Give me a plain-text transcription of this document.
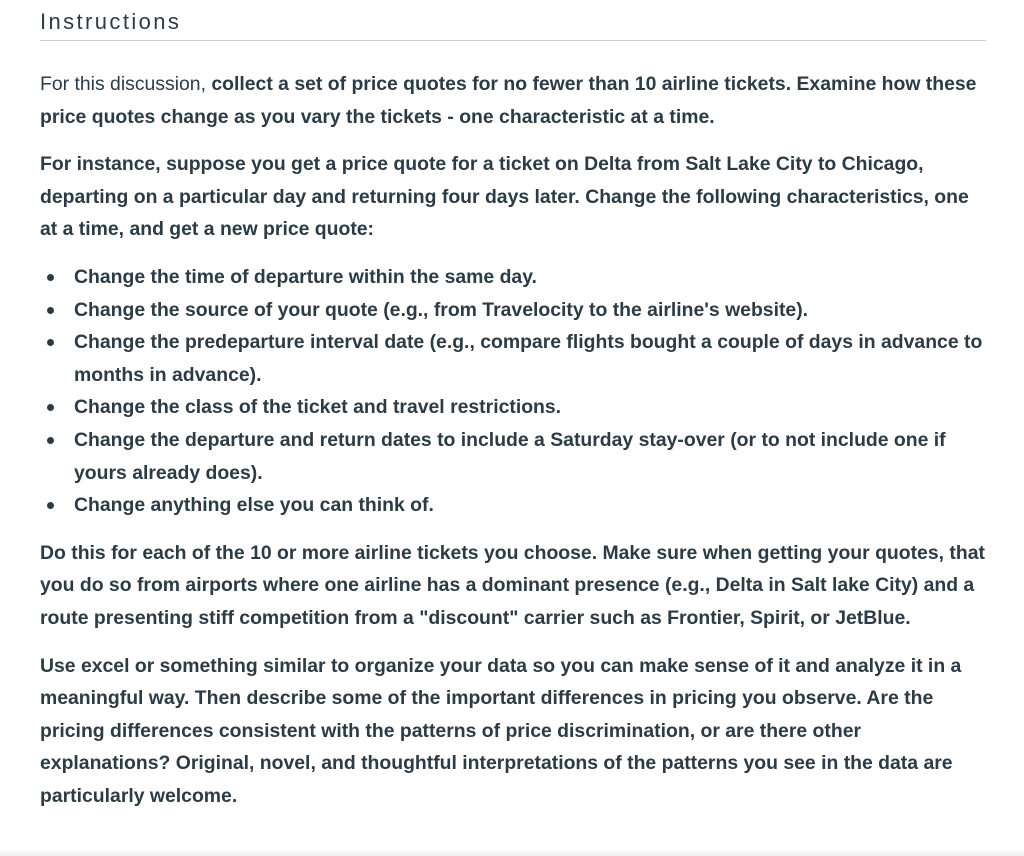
Instructions

For this discussion, collect a set of price quotes for no fewer than 10 airline tickets. Examine how these price quotes change as you vary the tickets - one characteristic at a time.

For instance, suppose you get a price quote for a ticket on Delta from Salt Lake City to Chicago, departing on a particular day and returning four days later. Change the following characteristics, one at a time, and get a new price quote:

Change the time of departure within the same day.
Change the source of your quote (e.g., from Travelocity to the airline's website).
Change the predeparture interval date (e.g., compare flights bought a couple of days in advance to months in advance).
Change the class of the ticket and travel restrictions.
Change the departure and return dates to include a Saturday stay-over (or to not include one if yours already does).
Change anything else you can think of.

Do this for each of the 10 or more airline tickets you choose. Make sure when getting your quotes, that you do so from airports where one airline has a dominant presence (e.g., Delta in Salt lake City) and a route presenting stiff competition from a "discount" carrier such as Frontier, Spirit, or JetBlue.

Use excel or something similar to organize your data so you can make sense of it and analyze it in a meaningful way. Then describe some of the important differences in pricing you observe. Are the pricing differences consistent with the patterns of price discrimination, or are there other explanations? Original, novel, and thoughtful interpretations of the patterns you see in the data are particularly welcome.
